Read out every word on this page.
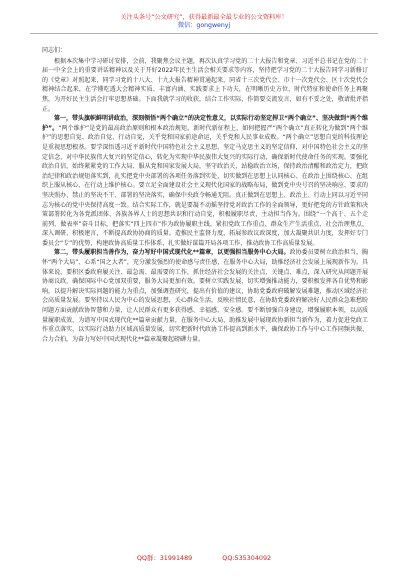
关注头条号“公文研究”，获得最新最全最专业的公文资料库！
微信：gongwenyj

同志们：

根据本次集中学习研讨安排，会前，我聚焦会议主题，再次认真学习党的二十大报告和党章、习近平总书记在党的二十届一中全会上的重要讲话精神以及关于开好2022年民主生活会相关要求等内容，坚持把学习党的二十大报告同学习新修订的《党章》对照起来，同学习党的十八大、十九大报告精神贯通起来，同省十三次党代会、市十一次党代会、区十次党代会精神结合起来，在学懂吃透大会精神实质、丰富内涵、实践要求上下功夫，在明晰历史方位、时代特征和使命任务上再聚焦，为开好民主生活会打牢思想基础。下面我就学习的收获，结合工作实际，作简要交流发言，如有不妥之处，敬请批评指正。

第一，带头旗帜鲜明讲政治，深刻领悟“两个确立”的决定性意义，以实际行动坚定捍卫“两个确立”、坚决做到“两个维护”。“两个维护”是党的最高政治原则和根本政治规矩。新时代新征程上，如何把握严“两个确立”真正转化为做到“两个维护”的思想自觉、政治自觉、行动自觉，关乎党和国家前途命运，关乎党和人民事业成败。“两个确立”思想自觉的科技理论是重视思想根基。要学深悟透习近平新时代中国特色社会主义思想，坚定马克思主义的坚定信仰，对中国特色社会主义的坚定信念，对中华民族伟大复兴的坚定信心，转化为实现中华民族伟大复兴的实际行动，确保新时代使命任务的实现。要强化政治自信，始终紧紧党的工作大局、服从党和国家发展大局，坚守政治关，站稳政治立场，保持政治清醒和政治定力，把政治纪律和政治规矩落实到，扎实把党中央部署的各项任务落到实处，切实做到在思想上认同核心、在政治上围绕核心、在组织上服从核心、在行动上维护核心。要立足全面建设社会主义现代化国家的战略布局，做到党中央号召的坚决响应、要求的坚决照办、禁止的坚决不干、部署的坚决落实，确保中央政令畅通无阻。真正做到在思想上、政治上、行动上同以习近平同志为核心的党中央保持高度一致。结合实际工作，就是要凝不动摇坚持党对政治工作的全面领导，更好把党的方针政策和决策部署转化为各党派团体、各族各界人士的思想共识和行动自觉，积极履职尽责，主动担当作为。围绕“一个高于、五个走前列、做表率”奋斗目标，把落实“四上四市”作为政协履职主线，紧扣党政工作重点、群众生产生活重点、社会治理焦点，深入调研、积极建言，不断提高政协协商的质量。造推民主监督力度，拓展参政议政深度，加大凝聚共识力度，发挥好专门委员会“专”的优势，构建政协高质量工作体系，扎实做好谋篇开局各项工作，推动政协工作高质量发展。

第二，带头履职担当善作为，奋力写好中国式现代化**篇章，以更强担当服务中心大局。政协委员要树立政治担当，胸怀“两个大局”、心系“国之大者”，充分激发强烈的使命感与责任感，在服务中心大局，助推经济社会发展上展现新作为。具体来说，要积区委政府履关注、最急需、最需要的工作，抓住经济社会发展的关注点、关键点、难点，深入研究从问题开展协商议政，确保国际中心党加双重要，服务大局更加有效。要树立实践发展，切实增强推动能力，要积极发挥各自优势和影响，以提升解决实际问题的能力为重点，加强调查研究，提出有价值的建议，协助党委政府破解发展难题，推动区域经济社会高质量发展。要坚持以人民为中心的发展思想，关心群众生活，反映社情民意，在协助党委政府解决好人民群众急难愁盼问题方面贡献政协智慧和力量，让人民群众有更多获得感、幸福感、安全感。要不断加强自身建设，增强履职本领，以高质量履职成效，为谱写中国式现代化**篇章贡献力量，在服务中心大局、助推发展中展现政协新担当新作为，着力促进党政工作重点落实，以实际行动助力区域高质量发展，切实把新时代政协工作提高到新水平，确保政协工作与中心工作同频共振、合力合拍，为奋力写好中国式现代化**篇章凝聚起磅礴力量。

QQ群：31991489	QQ:535304092
